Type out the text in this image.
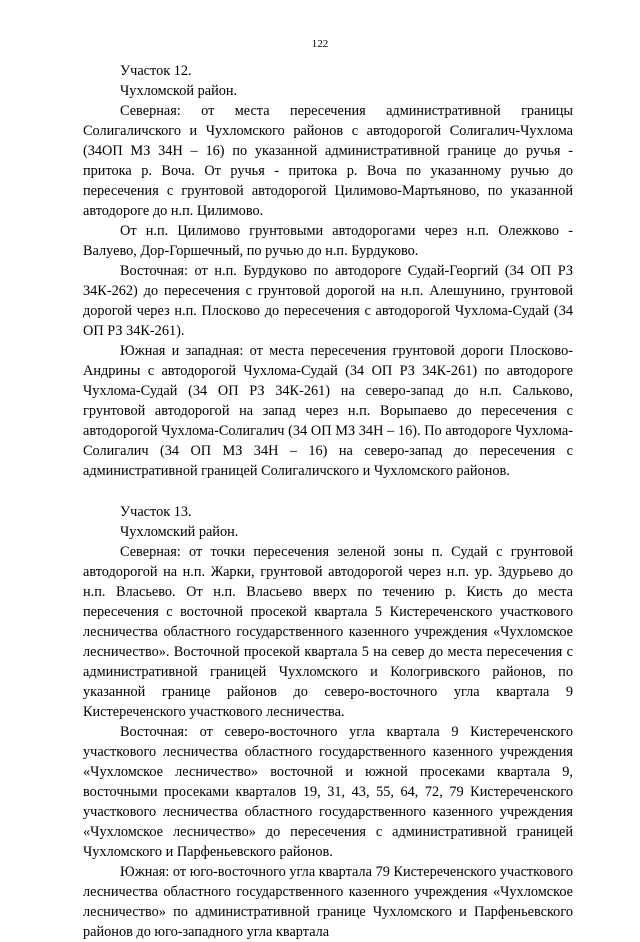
122

Участок 12.

Чухломской район.

Северная: от места пересечения административной границы Солигаличского и Чухломского районов с автодорогой Солигалич-Чухлома (34ОП МЗ 34Н – 16) по указанной административной границе до ручья - притока р. Воча. От ручья - притока р. Воча по указанному ручью до пересечения с грунтовой автодорогой Цилимово-Мартьяново, по указанной автодороге до н.п. Цилимово.

От н.п. Цилимово грунтовыми автодорогами через н.п. Олежково - Валуево, Дор-Горшечный, по ручью до н.п. Бурдуково.

Восточная: от н.п. Бурдуково по автодороге Судай-Георгий (34 ОП РЗ 34К-262) до пересечения с грунтовой дорогой на н.п. Алешунино, грунтовой дорогой через н.п. Плосково до пересечения с автодорогой Чухлома-Судай (34 ОП РЗ 34К-261).

Южная и западная: от места пересечения грунтовой дороги Плосково-Андрины с автодорогой Чухлома-Судай (34 ОП РЗ 34К-261) по автодороге Чухлома-Судай (34 ОП РЗ 34К-261) на северо-запад до н.п. Сальково, грунтовой автодорогой на запад через н.п. Ворыпаево до пересечения с автодорогой Чухлома-Солигалич (34 ОП МЗ 34Н – 16). По автодороге Чухлома-Солигалич (34 ОП МЗ 34Н – 16) на северо-запад до пересечения с административной границей Солигаличского и Чухломского районов.

Участок 13.

Чухломский район.

Северная: от точки пересечения зеленой зоны п. Судай с грунтовой автодорогой на н.п. Жарки, грунтовой автодорогой через н.п. ур. Здурьево до н.п. Власьево. От н.п. Власьево вверх по течению р. Кисть до места пересечения с восточной просекой квартала 5 Кистереченского участкового лесничества областного государственного казенного учреждения «Чухломское лесничество». Восточной просекой квартала 5 на север до места пересечения с административной границей Чухломского и Кологривского районов, по указанной границе районов до северо-восточного угла квартала 9 Кистереченского участкового лесничества.

Восточная: от северо-восточного угла квартала 9 Кистереченского участкового лесничества областного государственного казенного учреждения «Чухломское лесничество» восточной и южной просеками квартала 9, восточными просеками кварталов 19, 31, 43, 55, 64, 72, 79 Кистереченского участкового лесничества областного государственного казенного учреждения «Чухломское лесничество» до пересечения с административной границей Чухломского и Парфеньевского районов.

Южная: от юго-восточного угла квартала 79 Кистереченского участкового лесничества областного государственного казенного учреждения «Чухломское лесничество» по административной границе Чухломского и Парфеньевского районов до юго-западного угла квартала
